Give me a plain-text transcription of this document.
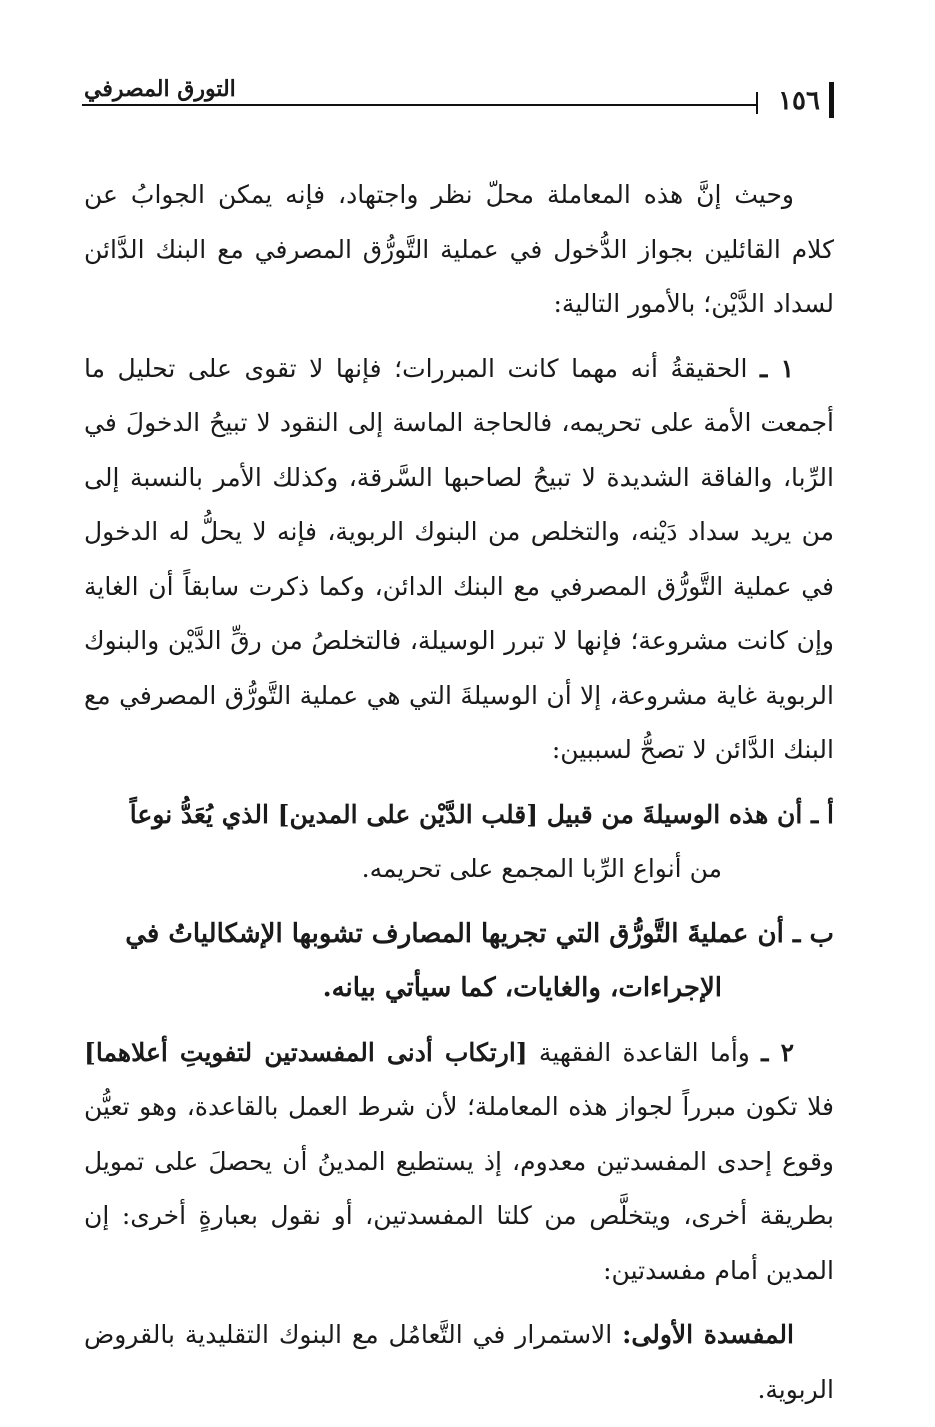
١٥٦
التورق المصرفي

وحيث إنَّ هذه المعاملة محلّ نظر واجتهاد، فإنه يمكن الجوابُ عن كلام القائلين بجواز الدُّخول في عملية التَّورُّق المصرفي مع البنك الدَّائن لسداد الدَّيْن؛ بالأمور التالية:

١ ـ الحقيقةُ أنه مهما كانت المبررات؛ فإنها لا تقوى على تحليل ما أجمعت الأمة على تحريمه، فالحاجة الماسة إلى النقود لا تبيحُ الدخولَ في الرِّبا، والفاقة الشديدة لا تبيحُ لصاحبها السَّرقة، وكذلك الأمر بالنسبة إلى من يريد سداد دَيْنه، والتخلص من البنوك الربوية، فإنه لا يحلُّ له الدخول في عملية التَّورُّق المصرفي مع البنك الدائن، وكما ذكرت سابقاً أن الغاية وإن كانت مشروعة؛ فإنها لا تبرر الوسيلة، فالتخلصُ من رقِّ الدَّيْن والبنوك الربوية غاية مشروعة، إلا أن الوسيلةَ التي هي عملية التَّورُّق المصرفي مع البنك الدَّائن لا تصحُّ لسببين:

أ ـ أن هذه الوسيلةَ من قبيل [قلب الدَّيْن على المدين] الذي يُعَدُّ نوعاً
من أنواع الرِّبا المجمع على تحريمه.

ب ـ أن عمليةَ التَّورُّق التي تجريها المصارف تشوبها الإشكالياتُ في
الإجراءات، والغايات، كما سيأتي بيانه.

٢ ـ وأما القاعدة الفقهية [ارتكاب أدنى المفسدتين لتفويتِ أعلاهما] فلا تكون مبرراً لجواز هذه المعاملة؛ لأن شرط العمل بالقاعدة، وهو تعيُّن وقوع إحدى المفسدتين معدوم، إذ يستطيع المدينُ أن يحصلَ على تمويل بطريقة أخرى، ويتخلَّص من كلتا المفسدتين، أو نقول بعبارةٍ أخرى: إن المدين أمام مفسدتين:

المفسدة الأولى: الاستمرار في التَّعامُل مع البنوك التقليدية بالقروض الربوية.
